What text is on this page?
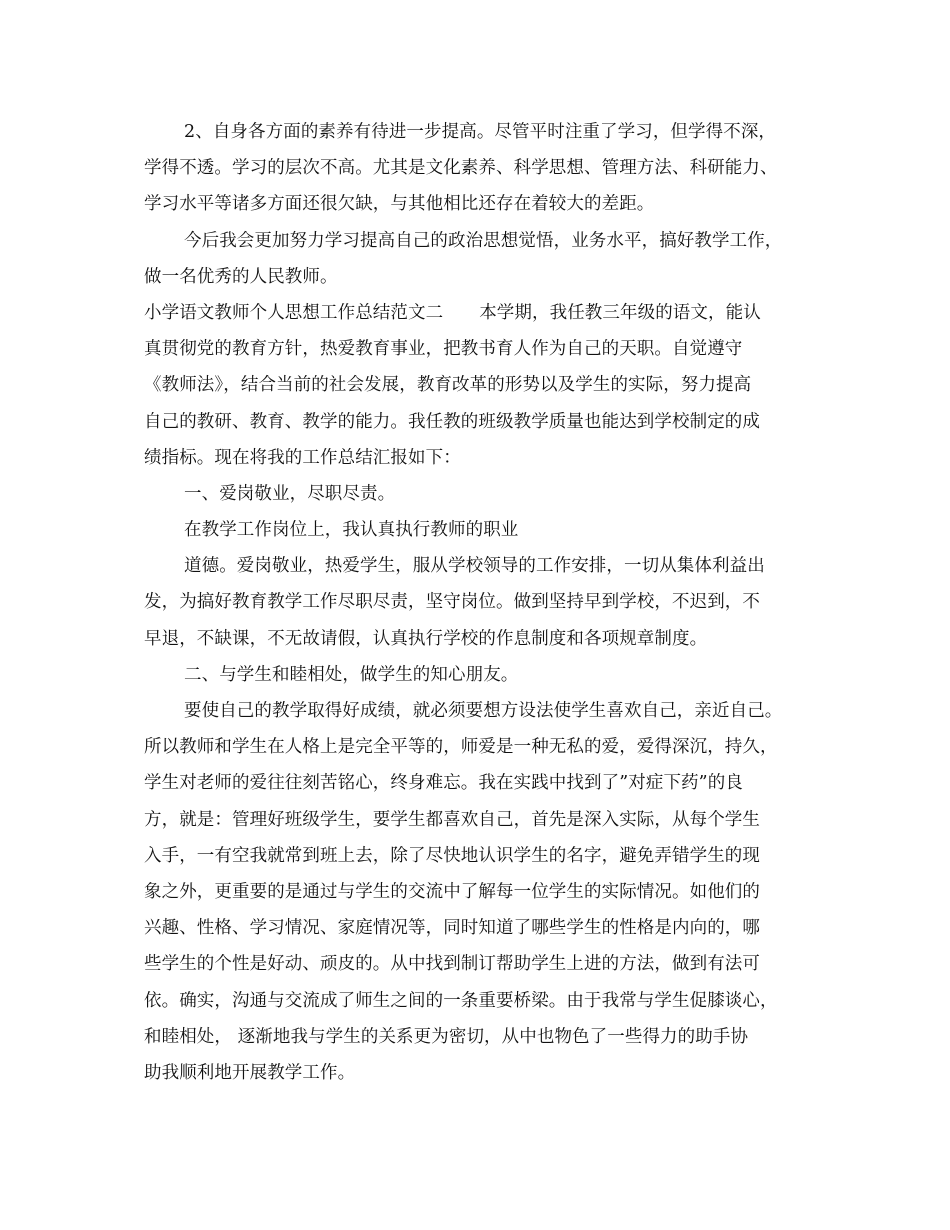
2、自身各方面的素养有待进一步提高。尽管平时注重了学习，但学得不深，
学得不透。学习的层次不高。尤其是文化素养、科学思想、管理方法、科研能力、
学习水平等诸多方面还很欠缺，与其他相比还存在着较大的差距。
今后我会更加努力学习提高自己的政治思想觉悟，业务水平，搞好教学工作，
做一名优秀的人民教师。
小学语文教师个人思想工作总结范文二 本学期，我任教三年级的语文，能认
真贯彻党的教育方针，热爱教育事业，把教书育人作为自己的天职。自觉遵守
《教师法》，结合当前的社会发展，教育改革的形势以及学生的实际，努力提高
自己的教研、教育、教学的能力。我任教的班级教学质量也能达到学校制定的成
绩指标。现在将我的工作总结汇报如下：
一、爱岗敬业，尽职尽责。
在教学工作岗位上，我认真执行教师的职业
道德。爱岗敬业，热爱学生，服从学校领导的工作安排，一切从集体利益出
发，为搞好教育教学工作尽职尽责，坚守岗位。做到坚持早到学校，不迟到，不
早退，不缺课，不无故请假，认真执行学校的作息制度和各项规章制度。
二、与学生和睦相处，做学生的知心朋友。
要使自己的教学取得好成绩，就必须要想方设法使学生喜欢自己，亲近自己。
所以教师和学生在人格上是完全平等的，师爱是一种无私的爱，爱得深沉，持久，
学生对老师的爱往往刻苦铭心，终身难忘。我在实践中找到了”对症下药”的良
方，就是：管理好班级学生，要学生都喜欢自己，首先是深入实际，从每个学生
入手，一有空我就常到班上去，除了尽快地认识学生的名字，避免弄错学生的现
象之外，更重要的是通过与学生的交流中了解每一位学生的实际情况。如他们的
兴趣、性格、学习情况、家庭情况等，同时知道了哪些学生的性格是内向的，哪
些学生的个性是好动、顽皮的。从中找到制订帮助学生上进的方法，做到有法可
依。确实，沟通与交流成了师生之间的一条重要桥梁。由于我常与学生促膝谈心，
和睦相处， 逐渐地我与学生的关系更为密切，从中也物色了一些得力的助手协
助我顺利地开展教学工作。
